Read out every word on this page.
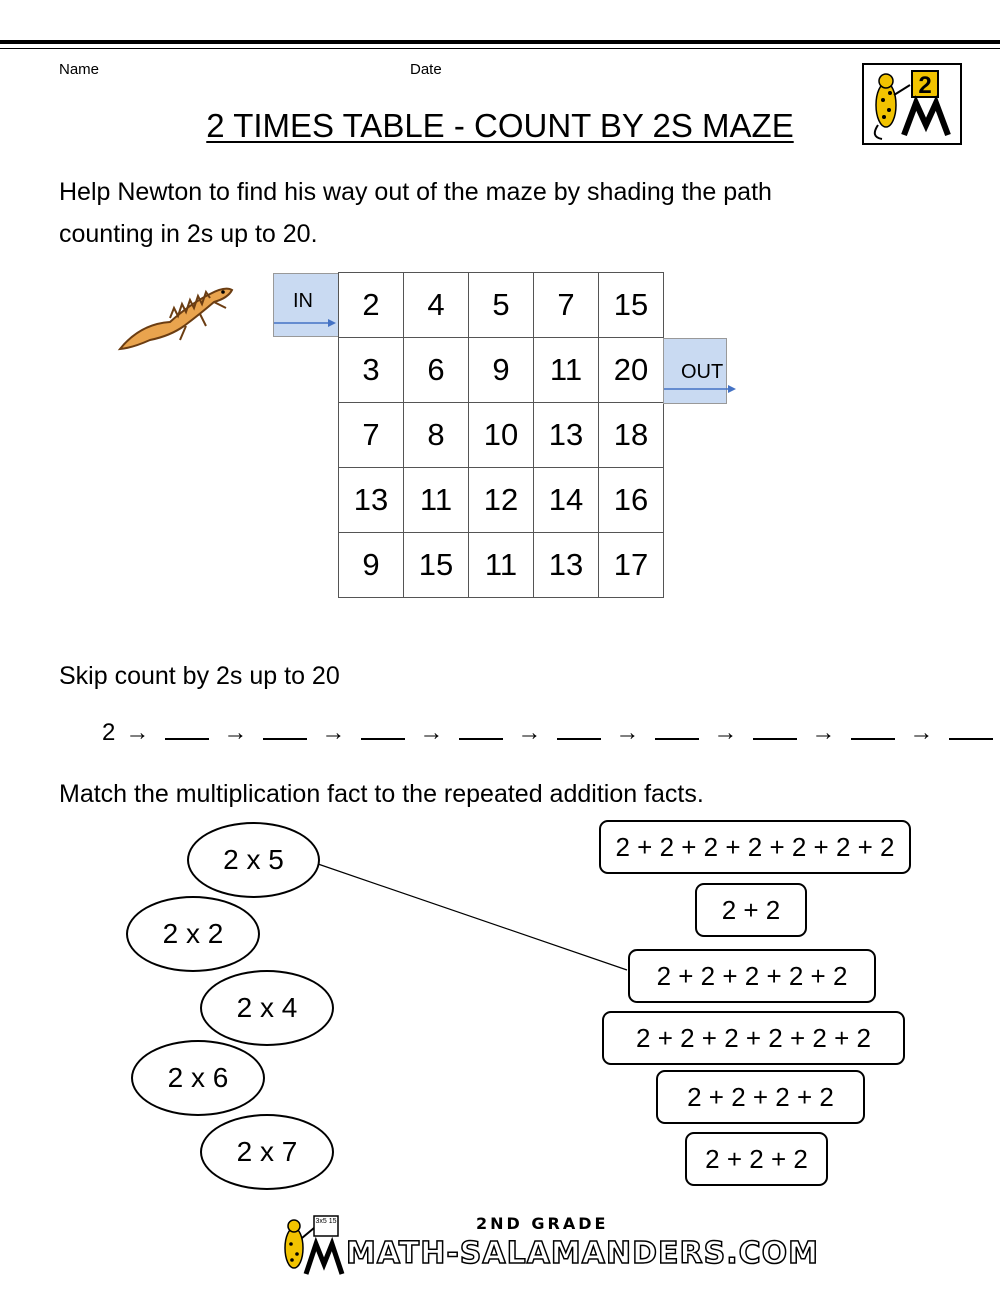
Name	Date
2 TIMES TABLE - COUNT BY 2S MAZE
2
Help Newton to find his way out of the maze by shading the path counting in 2s up to 20.
IN 2	4	5	7	15
3	6	9	11	20
7	8	10	13	18
13	11	12	14	16
9	15	11	13	17
OUT
Skip count by 2s up to 20
2 →	→	→	→	→	→	→	→	→
Match the multiplication fact to the repeated addition facts.
2 x 5
2 x 2
2 x 4
2 x 6
2 x 7
2 + 2 + 2 + 2 + 2 + 2 + 2
2 + 2
2 + 2 + 2 + 2 + 2
2 + 2 + 2 + 2 + 2 + 2
2 + 2 + 2 + 2
2 + 2 + 2
3x5 15	2ND GRADE
MATH-SALAMANDERS.COM
